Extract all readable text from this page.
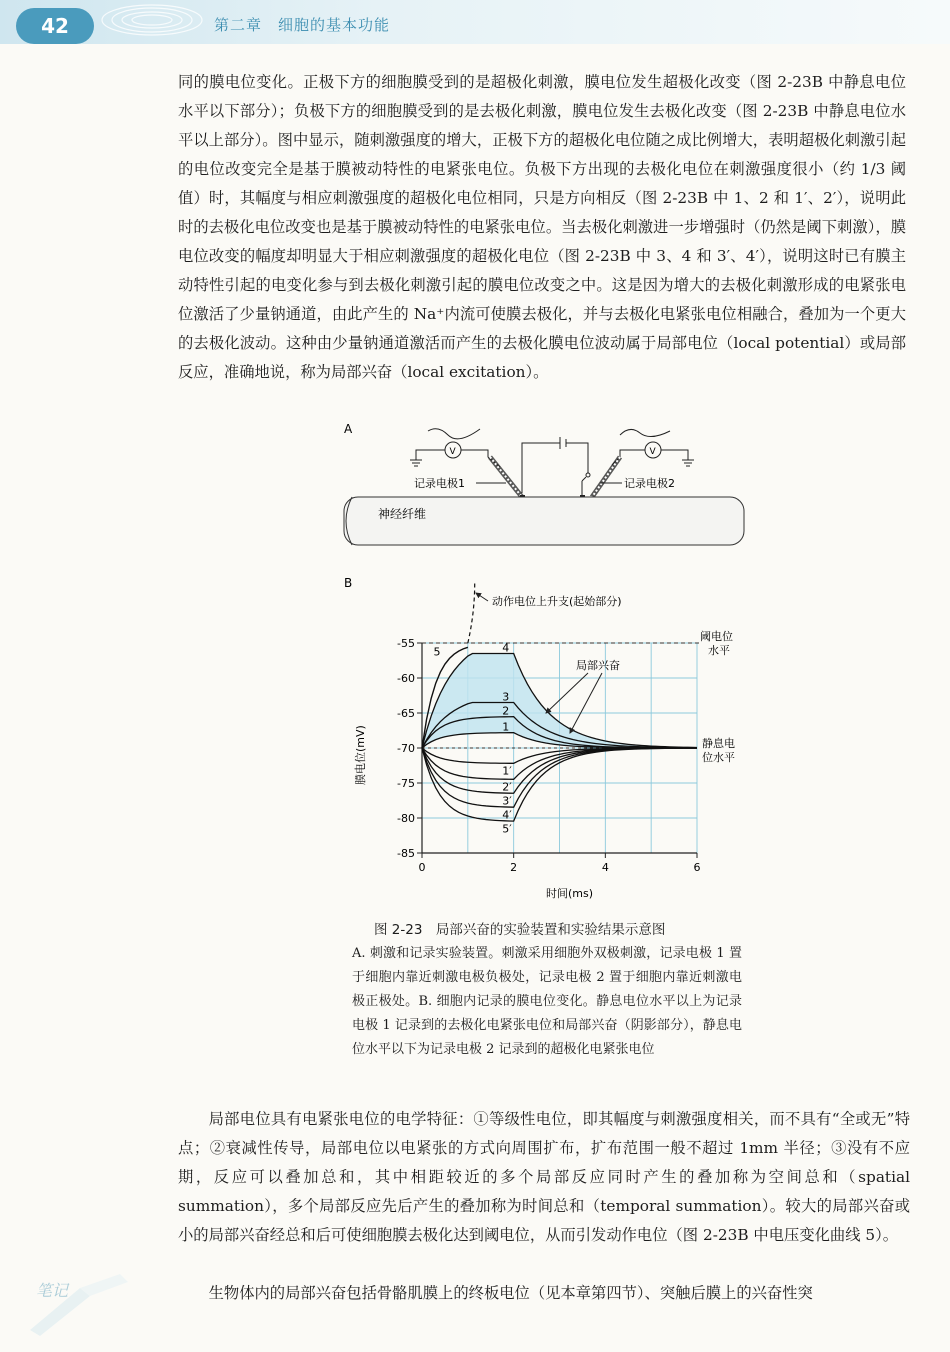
42	第二章 细胞的基本功能

同的膜电位变化。正极下方的细胞膜受到的是超极化刺激，膜电位发生超极化改变（图 2-23B 中静息电位水平以下部分）；负极下方的细胞膜受到的是去极化刺激，膜电位发生去极化改变（图 2-23B 中静息电位水平以上部分）。图中显示，随刺激强度的增大，正极下方的超极化电位随之成比例增大，表明超极化刺激引起的电位改变完全是基于膜被动特性的电紧张电位。负极下方出现的去极化电位在刺激强度很小（约 1/3 阈值）时，其幅度与相应刺激强度的超极化电位相同，只是方向相反（图 2-23B 中 1、2 和 1′、2′），说明此时的去极化电位改变也是基于膜被动特性的电紧张电位。当去极化刺激进一步增强时（仍然是阈下刺激），膜电位改变的幅度却明显大于相应刺激强度的超极化电位（图 2-23B 中 3、4 和 3′、4′），说明这时已有膜主动特性引起的电变化参与到去极化刺激引起的膜电位改变之中。这是因为增大的去极化刺激形成的电紧张电位激活了少量钠通道，由此产生的 Na⁺内流可使膜去极化，并与去极化电紧张电位相融合，叠加为一个更大的去极化波动。这种由少量钠通道激活而产生的去极化膜电位波动属于局部电位（local potential）或局部反应，准确地说，称为局部兴奋（local excitation）。

A
V	V
记录电极1	记录电极2
神经纤维
B
-55
-60
-65
-70
-75
-80
-85
0	2	4	6
5	4
3
2
1
1′
2′
3′
4′
5′
动作电位上升支(起始部分)
局部兴奋
阈电位
水平
静息电
位水平
膜电位(mV)
时间(ms)
图 2-23　局部兴奋的实验装置和实验结果示意图
A. 刺激和记录实验装置。刺激采用细胞外双极刺激，记录电极 1 置于细胞内靠近刺激电极负极处，记录电极 2 置于细胞内靠近刺激电极正极处。B. 细胞内记录的膜电位变化。静息电位水平以上为记录电极 1 记录到的去极化电紧张电位和局部兴奋（阴影部分），静息电位水平以下为记录电极 2 记录到的超极化电紧张电位

局部电位具有电紧张电位的电学特征：①等级性电位，即其幅度与刺激强度相关，而不具有“全或无”特点；②衰减性传导，局部电位以电紧张的方式向周围扩布，扩布范围一般不超过 1mm 半径；③没有不应期，反应可以叠加总和，其中相距较近的多个局部反应同时产生的叠加称为空间总和（spatial summation），多个局部反应先后产生的叠加称为时间总和（temporal summation）。较大的局部兴奋或小的局部兴奋经总和后可使细胞膜去极化达到阈电位，从而引发动作电位（图 2-23B 中电压变化曲线 5）。

笔记	生物体内的局部兴奋包括骨骼肌膜上的终板电位（见本章第四节）、突触后膜上的兴奋性突
